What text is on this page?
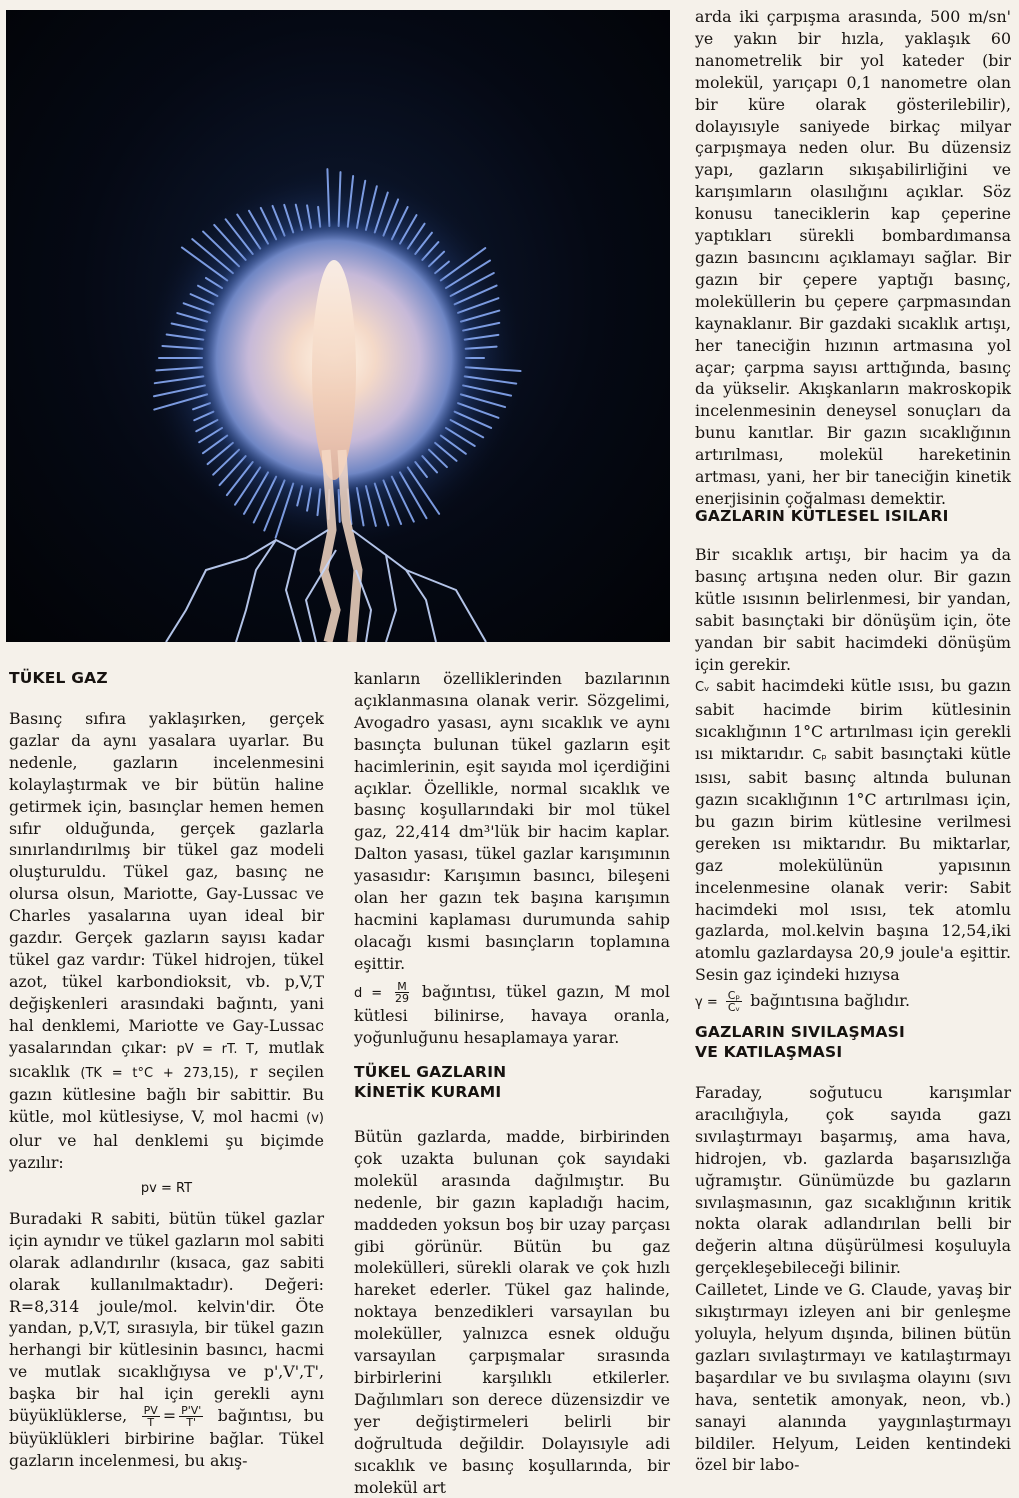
TÜKEL GAZ

Basınç sıfıra yaklaşırken, gerçek gazlar da aynı yasalara uyarlar. Bu nedenle, gazların incelenmesini kolaylaştırmak ve bir bütün haline getirmek için, basınçlar hemen hemen sıfır olduğunda, gerçek gazlarla sınırlandırılmış bir tükel gaz modeli oluşturuldu. Tükel gaz, basınç ne olursa olsun, Mariotte, Gay-Lussac ve Charles yasalarına uyan ideal bir gazdır. Gerçek gazların sayısı kadar tükel gaz vardır: Tükel hidrojen, tükel azot, tükel karbondioksit, vb. p,V,T değişkenleri arasındaki bağıntı, yani hal denklemi, Mariotte ve Gay-Lussac yasalarından çıkar: pV = rT. T, mutlak sıcaklık (TK = t°C + 273,15), r seçilen gazın kütlesine bağlı bir sabittir. Bu kütle, mol kütlesiyse, V, mol hacmi (v) olur ve hal denklemi şu biçimde yazılır:

pv = RT

Buradaki R sabiti, bütün tükel gazlar için aynıdır ve tükel gazların mol sabiti olarak adlandırılır (kısaca, gaz sabiti olarak kullanılmaktadır). Değeri: R=8,314 joule/mol. kelvin'dir. Öte yandan, p,V,T, sırasıyla, bir tükel gazın herhangi bir kütlesinin basıncı, hacmi ve mutlak sıcaklığıysa ve p',V',T', başka bir hal için gerekli aynı büyüklüklerse, $\frac{PV}{T} = \frac{P'V'}{T'}$ bağıntısı, bu büyüklükleri birbirine bağlar. Tükel gazların incelenmesi, bu akış-

kanların özelliklerinden bazılarının açıklanmasına olanak verir. Sözgelimi, Avogadro yasası, aynı sıcaklık ve aynı basınçta bulunan tükel gazların eşit hacimlerinin, eşit sayıda mol içerdiğini açıklar. Özellikle, normal sıcaklık ve basınç koşullarındaki bir mol tükel gaz, 22,414 dm³'lük bir hacim kaplar. Dalton yasası, tükel gazlar karışımının yasasıdır: Karışımın basıncı, bileşeni olan her gazın tek başına karışımın hacmini kaplaması durumunda sahip olacağı kısmi basınçların toplamına eşittir.

$d = \frac{M}{29}$ bağıntısı, tükel gazın, M mol kütlesi bilinirse, havaya oranla, yoğunluğunu hesaplamaya yarar.

TÜKEL GAZLARIN
KİNETİK KURAMI

Bütün gazlarda, madde, birbirinden çok uzakta bulunan çok sayıdaki molekül arasında dağılmıştır. Bu nedenle, bir gazın kapladığı hacim, maddeden yoksun boş bir uzay parçası gibi görünür. Bütün bu gaz molekülleri, sürekli olarak ve çok hızlı hareket ederler. Tükel gaz halinde, noktaya benzedikleri varsayılan bu moleküller, yalnızca esnek olduğu varsayılan çarpışmalar sırasında birbirlerini karşılıklı etkilerler. Dağılımları son derece düzensizdir ve yer değiştirmeleri belirli bir doğrultuda değildir. Dolayısıyle adi sıcaklık ve basınç koşullarında, bir molekül art

arda iki çarpışma arasında, 500 m/sn' ye yakın bir hızla, yaklaşık 60 nanometrelik bir yol kateder (bir molekül, yarıçapı 0,1 nanometre olan bir küre olarak gösterilebilir), dolayısıyle saniyede birkaç milyar çarpışmaya neden olur. Bu düzensiz yapı, gazların sıkışabilirliğini ve karışımların olasılığını açıklar. Söz konusu taneciklerin kap çeperine yaptıkları sürekli bombardımansa gazın basıncını açıklamayı sağlar. Bir gazın bir çepere yaptığı basınç, moleküllerin bu çepere çarpmasından kaynaklanır. Bir gazdaki sıcaklık artışı, her taneciğin hızının artmasına yol açar; çarpma sayısı arttığında, basınç da yükselir. Akışkanların makroskopik incelenmesinin deneysel sonuçları da bunu kanıtlar. Bir gazın sıcaklığının artırılması, molekül hareketinin artması, yani, her bir taneciğin kinetik enerjisinin çoğalması demektir.

GAZLARIN KÜTLESEL ISILARI

Bir sıcaklık artışı, bir hacim ya da basınç artışına neden olur. Bir gazın kütle ısısının belirlenmesi, bir yandan, sabit basınçtaki bir dönüşüm için, öte yandan bir sabit hacimdeki dönüşüm için gerekir.

Cᵥ sabit hacimdeki kütle ısısı, bu gazın sabit hacimde birim kütlesinin sıcaklığının 1°C artırılması için gerekli ısı miktarıdır. Cₚ sabit basınçtaki kütle ısısı, sabit basınç altında bulunan gazın sıcaklığının 1°C artırılması için, bu gazın birim kütlesine verilmesi gereken ısı miktarıdır. Bu miktarlar, gaz molekülünün yapısının incelenmesine olanak verir: Sabit hacimdeki mol ısısı, tek atomlu gazlarda, mol.kelvin başına 12,54,iki atomlu gazlardaysa 20,9 joule'a eşittir. Sesin gaz içindeki hızıysa

$\gamma = \frac{\text{Cₚ}}{\text{Cᵥ}}$ bağıntısına bağlıdır.

GAZLARIN SIVILAŞMASI
VE KATILAŞMASI

Faraday, soğutucu karışımlar aracılığıyla, çok sayıda gazı sıvılaştırmayı başarmış, ama hava, hidrojen, vb. gazlarda başarısızlığa uğramıştır. Günümüzde bu gazların sıvılaşmasının, gaz sıcaklığının kritik nokta olarak adlandırılan belli bir değerin altına düşürülmesi koşuluyla gerçekleşebileceği bilinir.

Cailletet, Linde ve G. Claude, yavaş bir sıkıştırmayı izleyen ani bir genleşme yoluyla, helyum dışında, bilinen bütün gazları sıvılaştırmayı ve katılaştırmayı başardılar ve bu sıvılaşma olayını (sıvı hava, sentetik amonyak, neon, vb.) sanayi alanında yaygınlaştırmayı bildiler. Helyum, Leiden kentindeki özel bir labo-
